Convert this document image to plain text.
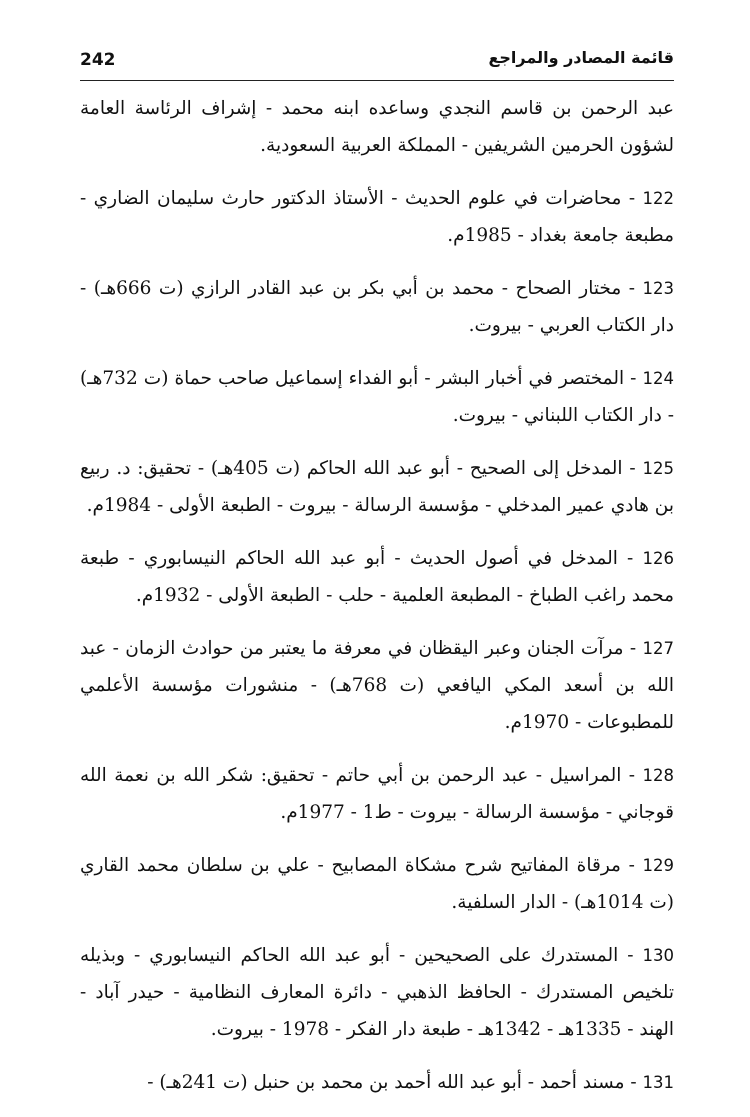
242	قائمة المصادر والمراجع

عبد الرحمن بن قاسم النجدي وساعده ابنه محمد - إشراف الرئاسة العامة لشؤون الحرمين الشريفين - المملكة العربية السعودية.

122 - محاضرات في علوم الحديث - الأستاذ الدكتور حارث سليمان الضاري - مطبعة جامعة بغداد - 1985م.

123 - مختار الصحاح - محمد بن أبي بكر بن عبد القادر الرازي (ت 666هـ) - دار الكتاب العربي - بيروت.

124 - المختصر في أخبار البشر - أبو الفداء إسماعيل صاحب حماة (ت 732هـ) - دار الكتاب اللبناني - بيروت.

125 - المدخل إلى الصحيح - أبو عبد الله الحاكم (ت 405هـ) - تحقيق: د. ربيع بن هادي عمير المدخلي - مؤسسة الرسالة - بيروت - الطبعة الأولى - 1984م.

126 - المدخل في أصول الحديث - أبو عبد الله الحاكم النيسابوري - طبعة محمد راغب الطباخ - المطبعة العلمية - حلب - الطبعة الأولى - 1932م.

127 - مرآت الجنان وعبر اليقظان في معرفة ما يعتبر من حوادث الزمان - عبد الله بن أسعد المكي اليافعي (ت 768هـ) - منشورات مؤسسة الأعلمي للمطبوعات - 1970م.

128 - المراسيل - عبد الرحمن بن أبي حاتم - تحقيق: شكر الله بن نعمة الله قوجاني - مؤسسة الرسالة - بيروت - ط1 - 1977م.

129 - مرقاة المفاتيح شرح مشكاة المصابيح - علي بن سلطان محمد القاري (ت 1014هـ) - الدار السلفية.

130 - المستدرك على الصحيحين - أبو عبد الله الحاكم النيسابوري - وبذيله تلخيص المستدرك - الحافظ الذهبي - دائرة المعارف النظامية - حيدر آباد - الهند - 1335هـ - 1342هـ - طبعة دار الفكر - 1978 - بيروت.

131 - مسند أحمد - أبو عبد الله أحمد بن محمد بن حنبل (ت 241هـ) -
